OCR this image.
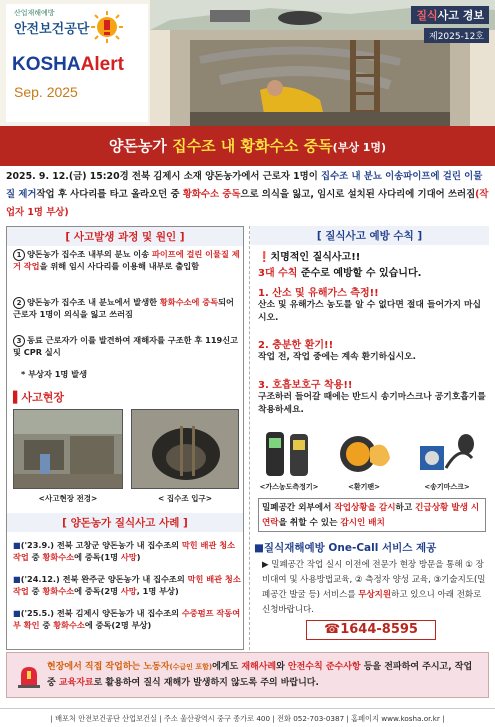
산업재해예방
안전보건공단
KOSHAAlert
Sep. 2025
질식사고 경보
제2025-12호
양돈농가 집수조 내 황화수소 중독(부상 1명)
2025. 9. 12.(금) 15:20경 전북 김제시 소재 양돈농가에서 근로자 1명이 집수조 내 분뇨 이송파이프에 걸린 이물질 제거작업 후 사다리를 타고 올라오던 중 황화수소 중독으로 의식을 잃고, 임시로 설치된 사다리에 기대어 쓰러짐(작업자 1명 부상)
[ 사고발생 과정 및 원인 ]
1 양돈농가 집수조 내부의 분뇨 이송 파이프에 걸린 이물질 제거 작업을 위해 임시 사다리를 이용해 내부로 출입함
2 양돈농가 집수조 내 분뇨에서 발생한 황화수소에 중독되어 근로자 1명이 의식을 잃고 쓰러짐
3 동료 근로자가 이를 발견하여 재해자를 구조한 후 119신고 및 CPR 실시
* 부상자 1명 발생
▌사고현장
<사고현장 전경>	< 집수조 입구>
[ 양돈농가 질식사고 사례 ]
■('23.9.) 전북 고창군 양돈농가 내 집수조의 막힌 배관 청소작업 중 황화수소에 중독(1명 사망)
■('24.12.) 전북 완주군 양돈농가 내 집수조의 막힌 배관 청소작업 중 황화수소에 중독(2명 사망, 1명 부상)
■('25.5.) 전북 김제시 양돈농가 내 집수조의 수중펌프 작동여부 확인 중 황화수소에 중독(2명 부상)
[ 질식사고 예방 수칙 ]
❗치명적인 질식사고!!
3대 수칙 준수로 예방할 수 있습니다.
1. 산소 및 유해가스 측정!!
산소 및 유해가스 농도를 알 수 없다면 절대 들어가지 마십시오.
2. 충분한 환기!!
작업 전, 작업 중에는 계속 환기하십시오.
3. 호흡보호구 착용!!
구조하러 들어갈 때에는 반드시 송기마스크나 공기호흡기를 착용하세요.
<가스농도측정기>	<환기팬>	<송기마스크>
밀폐공간 외부에서 작업상황을 감시하고 긴급상황 발생 시 연락을 취할 수 있는 감시인 배치
■질식재해예방 One-Call 서비스 제공
▶ 밀폐공간 작업 실시 이전에 전문가 현장 방문을 통해 ① 장비대여 및 사용방법교육, ② 측정자 양성 교육, ③기술지도(밀폐공간 발굴 등) 서비스를 무상지원하고 있으니 아래 전화로 신청바랍니다.
☎1644-8595
현장에서 직접 작업하는 노동자(수급인 포함)에게도 재해사례와 안전수칙 준수사항 등을 전파하여 주시고, 작업 중 교육자료로 활용하여 질식 재해가 발생하지 않도록 주의 바랍니다.
| 배포처 안전보건공단 산업보건실 | 주소 울산광역시 중구 종가로 400 | 전화 052-703-0387 | 홈페이지 www.kosha.or.kr |
